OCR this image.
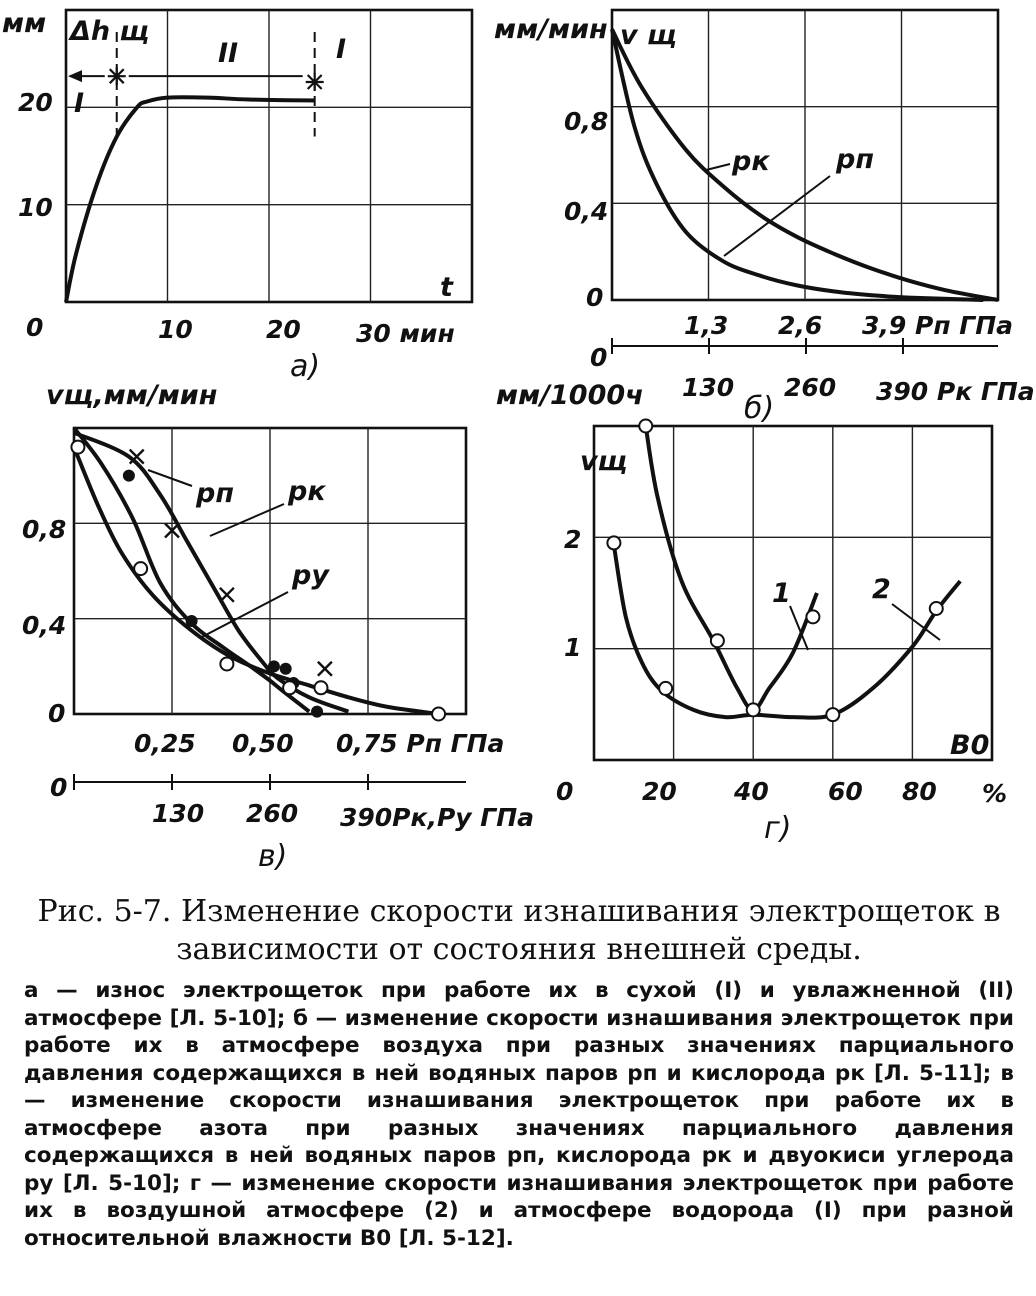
мм Δh щ
II	I
I
t
20
10
0	10	20 30 мин
а)
мм/мин v щ
pк pп
0,8
0,4
0
1,3 2,6 3,9 Pп ГПа
0
130 260 390 Pк ГПа
б)
vщ,мм/мин
pп pк
pу
0,8
0,4
0
0,25 0,50 0,75 Pп ГПа
0
130 260 390Pк,Pу ГПа
в)
мм/1000ч
vщ
1	2
B0
2
1
0	20 40 60 80 %
г)

Рис. 5-7. Изменение скорости изнашивания электрощеток в зависимости от состояния внешней среды.

а — износ электрощеток при работе их в сухой (I) и увлажненной (II) атмосфере [Л. 5-10]; б — изменение скорости изнашивания электрощеток при работе их в атмосфере воздуха при разных значениях парциального давления содержащихся в ней водяных паров pп и кислорода pк [Л. 5-11]; в — изменение скорости изнашивания электрощеток при работе их в атмосфере азота при разных значениях парциального давления содержащихся в ней водяных паров pп, кислорода pк и двуокиси углерода pу [Л. 5-10]; г — изменение скорости изнашивания электрощеток при работе их в воздушной атмосфере (2) и атмосфере водорода (I) при разной относительной влажности B0 [Л. 5-12].
